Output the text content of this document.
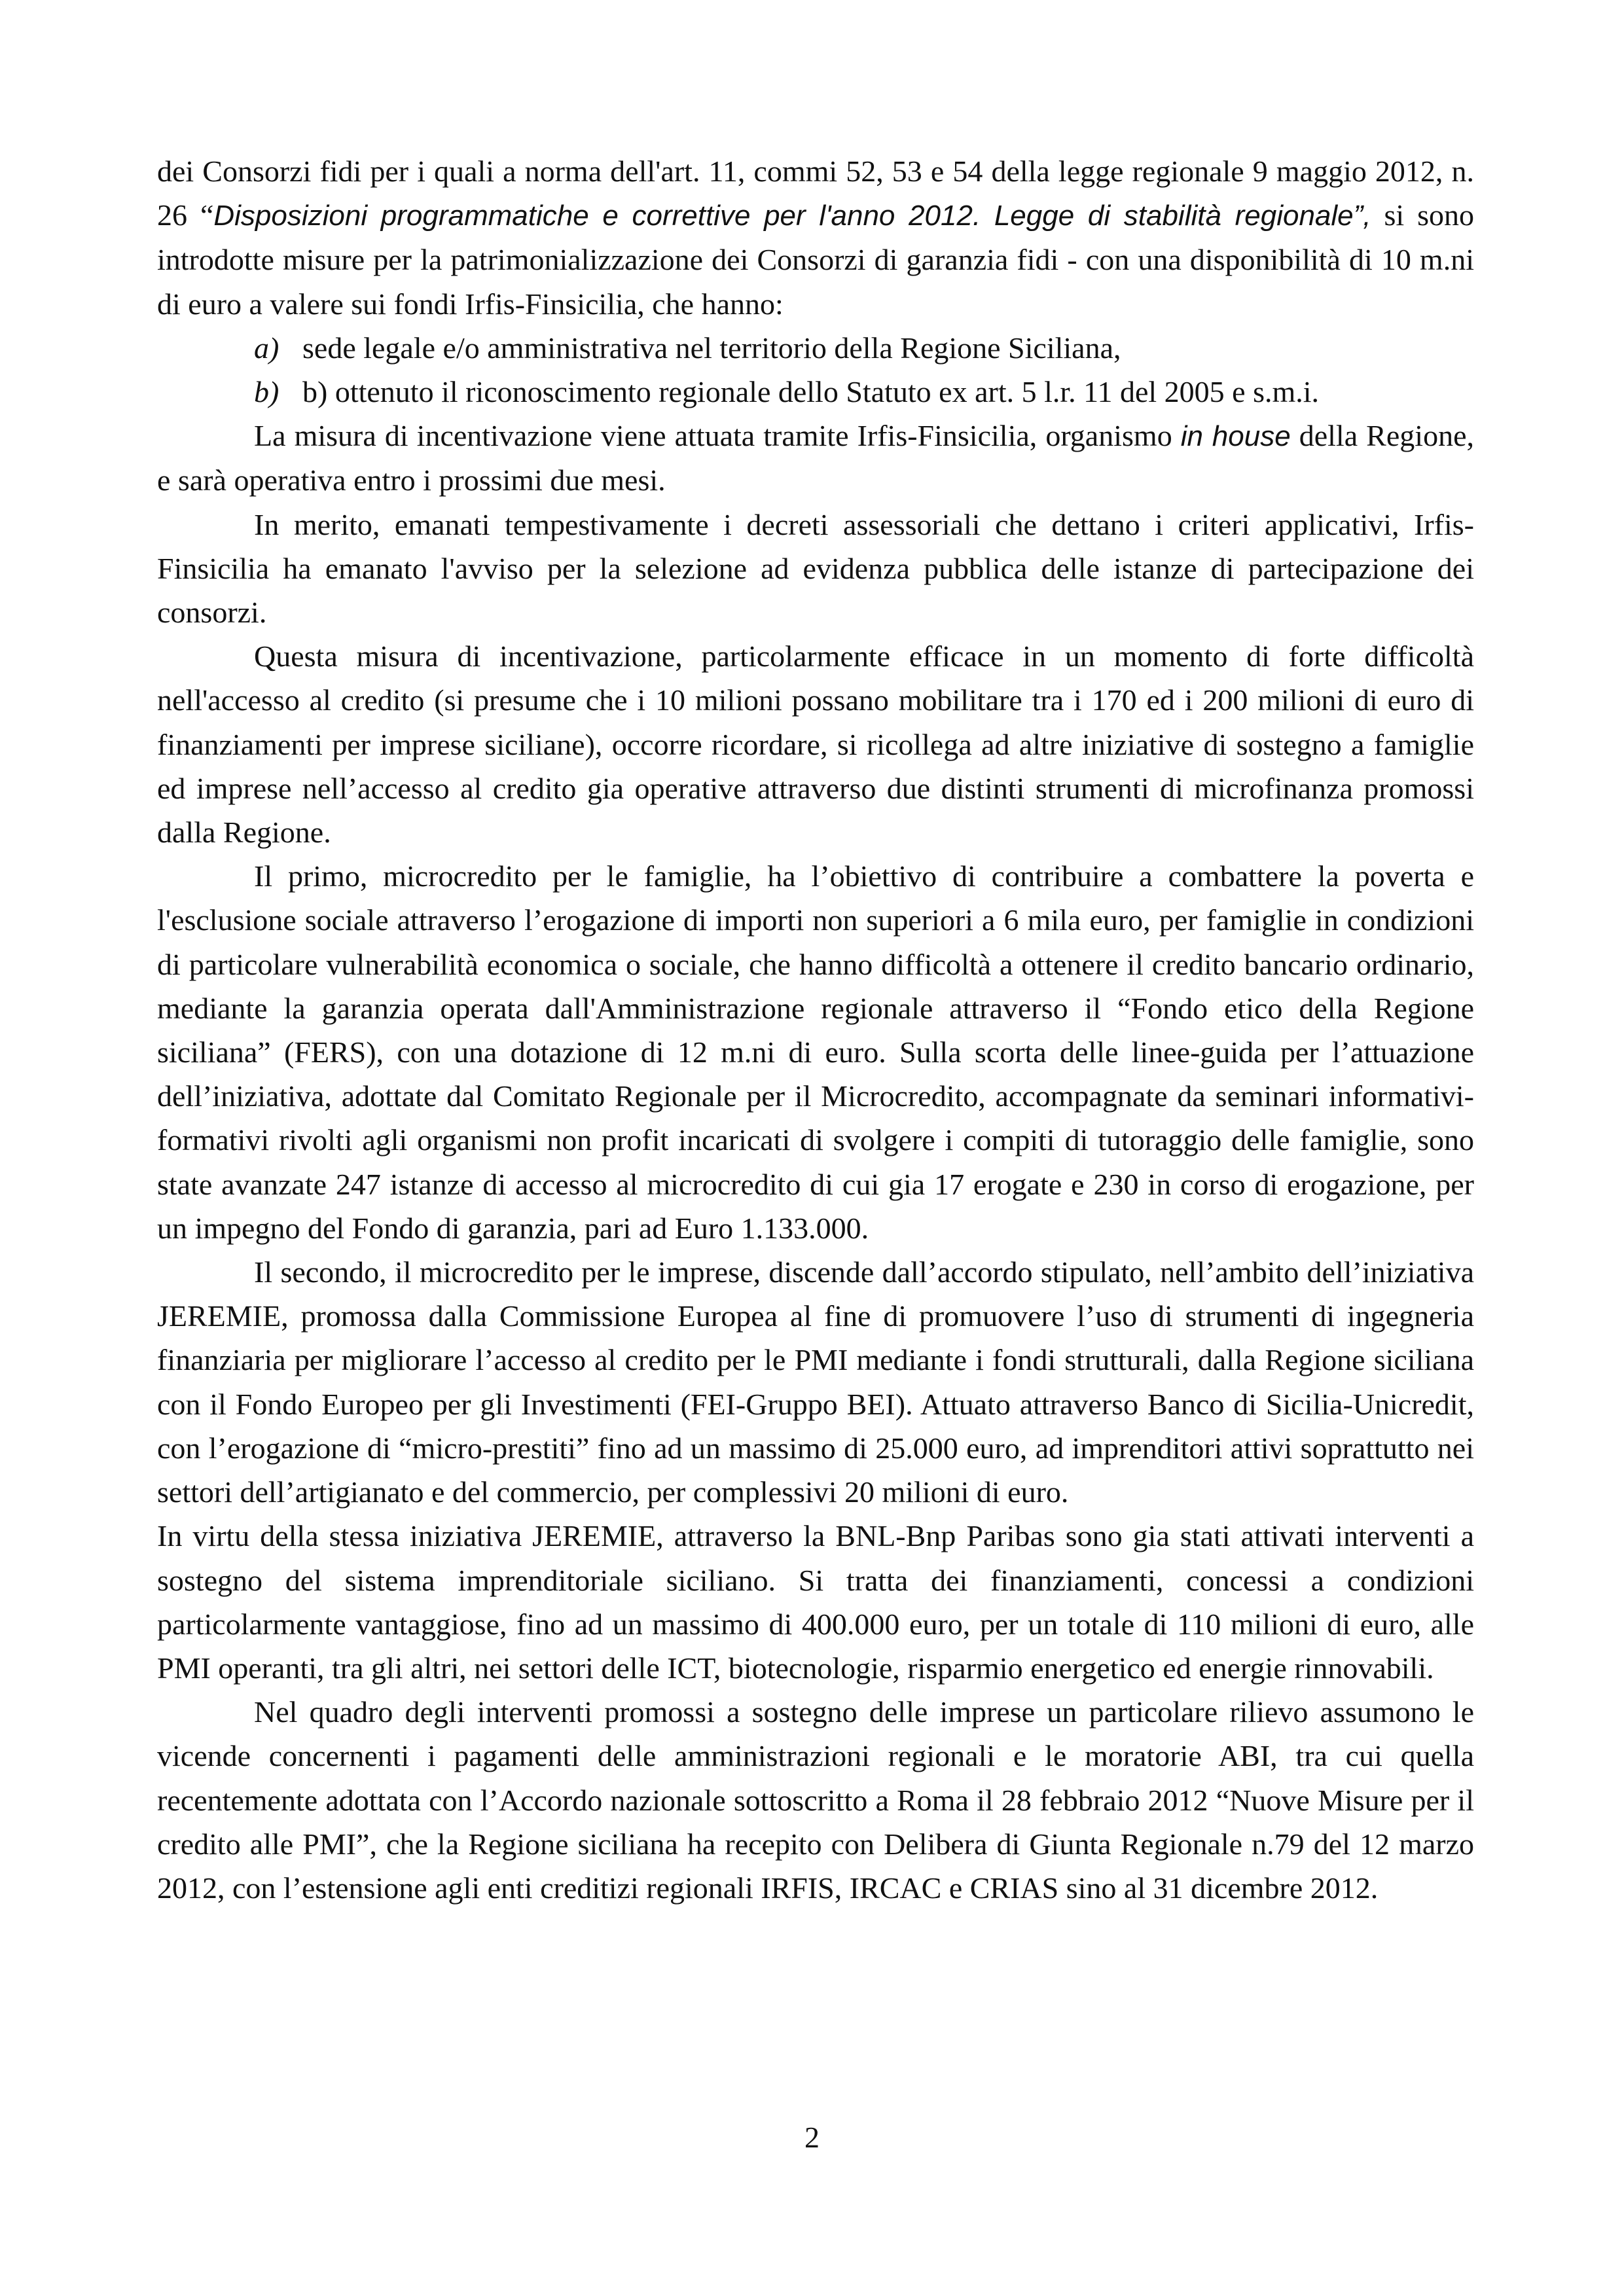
dei Consorzi fidi per i quali a norma dell'art. 11, commi 52, 53 e 54 della legge regionale 9 maggio 2012, n. 26 “Disposizioni programmatiche e correttive per l'anno 2012. Legge di stabilità regionale”, si sono introdotte misure per la patrimonializzazione dei Consorzi di garanzia fidi - con una disponibilità di 10 m.ni di euro a valere sui fondi Irfis-Finsicilia, che hanno:

a) sede legale e/o amministrativa nel territorio della Regione Siciliana,

b) b) ottenuto il riconoscimento regionale dello Statuto ex art. 5 l.r. 11 del 2005 e s.m.i.

La misura di incentivazione viene attuata tramite Irfis-Finsicilia, organismo in house della Regione, e sarà operativa entro i prossimi due mesi.

In merito, emanati tempestivamente i decreti assessoriali che dettano i criteri applicativi, Irfis-Finsicilia ha emanato l'avviso per la selezione ad evidenza pubblica delle istanze di partecipazione dei consorzi.

Questa misura di incentivazione, particolarmente efficace in un momento di forte difficoltà nell'accesso al credito (si presume che i 10 milioni possano mobilitare tra i 170 ed i 200 milioni di euro di finanziamenti per imprese siciliane), occorre ricordare, si ricollega ad altre iniziative di sostegno a famiglie ed imprese nell’accesso al credito gia operative attraverso due distinti strumenti di microfinanza promossi dalla Regione.

Il primo, microcredito per le famiglie, ha l’obiettivo di contribuire a combattere la poverta e l'esclusione sociale attraverso l’erogazione di importi non superiori a 6 mila euro, per famiglie in condizioni di particolare vulnerabilità economica o sociale, che hanno difficoltà a ottenere il credito bancario ordinario, mediante la garanzia operata dall'Amministrazione regionale attraverso il “Fondo etico della Regione siciliana” (FERS), con una dotazione di 12 m.ni di euro. Sulla scorta delle linee-guida per l’attuazione dell’iniziativa, adottate dal Comitato Regionale per il Microcredito, accompagnate da seminari informativi-formativi rivolti agli organismi non profit incaricati di svolgere i compiti di tutoraggio delle famiglie, sono state avanzate 247 istanze di accesso al microcredito di cui gia 17 erogate e 230 in corso di erogazione, per un impegno del Fondo di garanzia, pari ad Euro 1.133.000.

Il secondo, il microcredito per le imprese, discende dall’accordo stipulato, nell’ambito dell’iniziativa JEREMIE, promossa dalla Commissione Europea al fine di promuovere l’uso di strumenti di ingegneria finanziaria per migliorare l’accesso al credito per le PMI mediante i fondi strutturali, dalla Regione siciliana con il Fondo Europeo per gli Investimenti (FEI-Gruppo BEI). Attuato attraverso Banco di Sicilia-Unicredit, con l’erogazione di “micro-prestiti” fino ad un massimo di 25.000 euro, ad imprenditori attivi soprattutto nei settori dell’artigianato e del commercio, per complessivi 20 milioni di euro.

In virtu della stessa iniziativa JEREMIE, attraverso la BNL-Bnp Paribas sono gia stati attivati interventi a sostegno del sistema imprenditoriale siciliano. Si tratta dei finanziamenti, concessi a condizioni particolarmente vantaggiose, fino ad un massimo di 400.000 euro, per un totale di 110 milioni di euro, alle PMI operanti, tra gli altri, nei settori delle ICT, biotecnologie, risparmio energetico ed energie rinnovabili.

Nel quadro degli interventi promossi a sostegno delle imprese un particolare rilievo assumono le vicende concernenti i pagamenti delle amministrazioni regionali e le moratorie ABI, tra cui quella recentemente adottata con l’Accordo nazionale sottoscritto a Roma il 28 febbraio 2012 “Nuove Misure per il credito alle PMI”, che la Regione siciliana ha recepito con Delibera di Giunta Regionale n.79 del 12 marzo 2012, con l’estensione agli enti creditizi regionali IRFIS, IRCAC e CRIAS sino al 31 dicembre 2012.

2
